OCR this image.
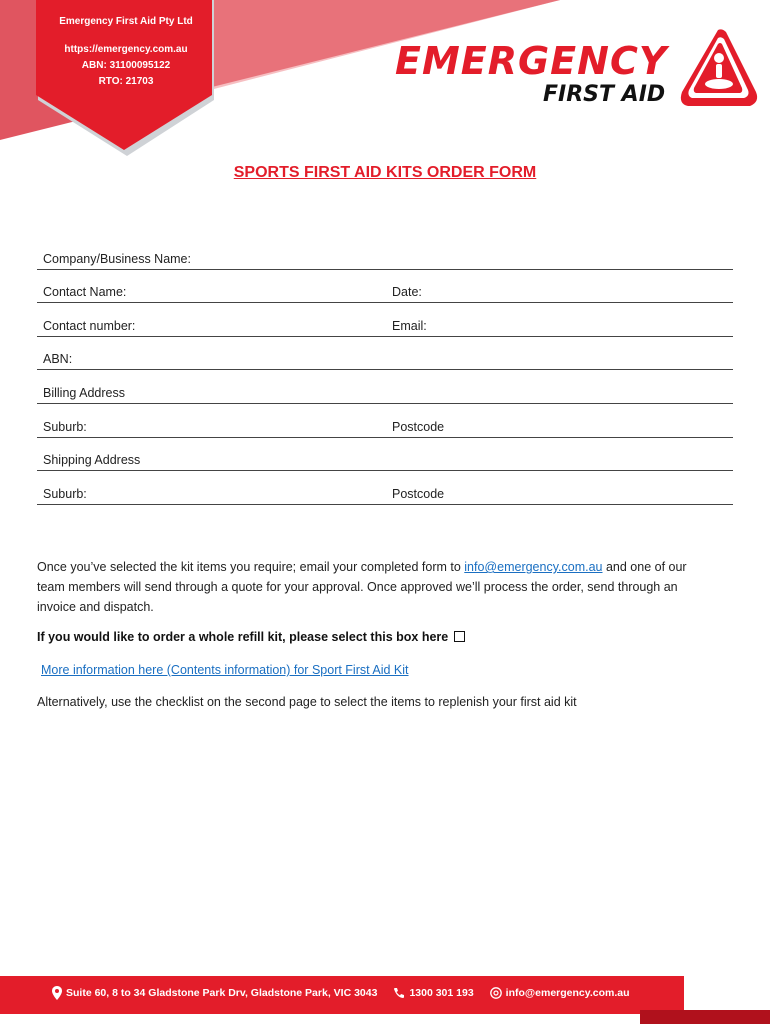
Emergency First Aid Pty Ltd
https://emergency.com.au
ABN: 31100095122
RTO: 21703	EMERGENCY
FIRST AID
SPORTS FIRST AID KITS ORDER FORM
Company/Business Name:
Contact Name:	Date:
Contact number:	Email:
ABN:
Billing Address
Suburb:	Postcode
Shipping Address
Suburb:	Postcode
Once you’ve selected the kit items you require; email your completed form to info@emergency.com.au and one of our team members will send through a quote for your approval. Once approved we’ll process the order, send through an invoice and dispatch.
If you would like to order a whole refill kit, please select this box here
More information here (Contents information) for Sport First Aid Kit
Alternatively, use the checklist on the second page to select the items to replenish your first aid kit
Suite 60, 8 to 34 Gladstone Park Drv, Gladstone Park, VIC 3043	1300 301 193	info@emergency.com.au
